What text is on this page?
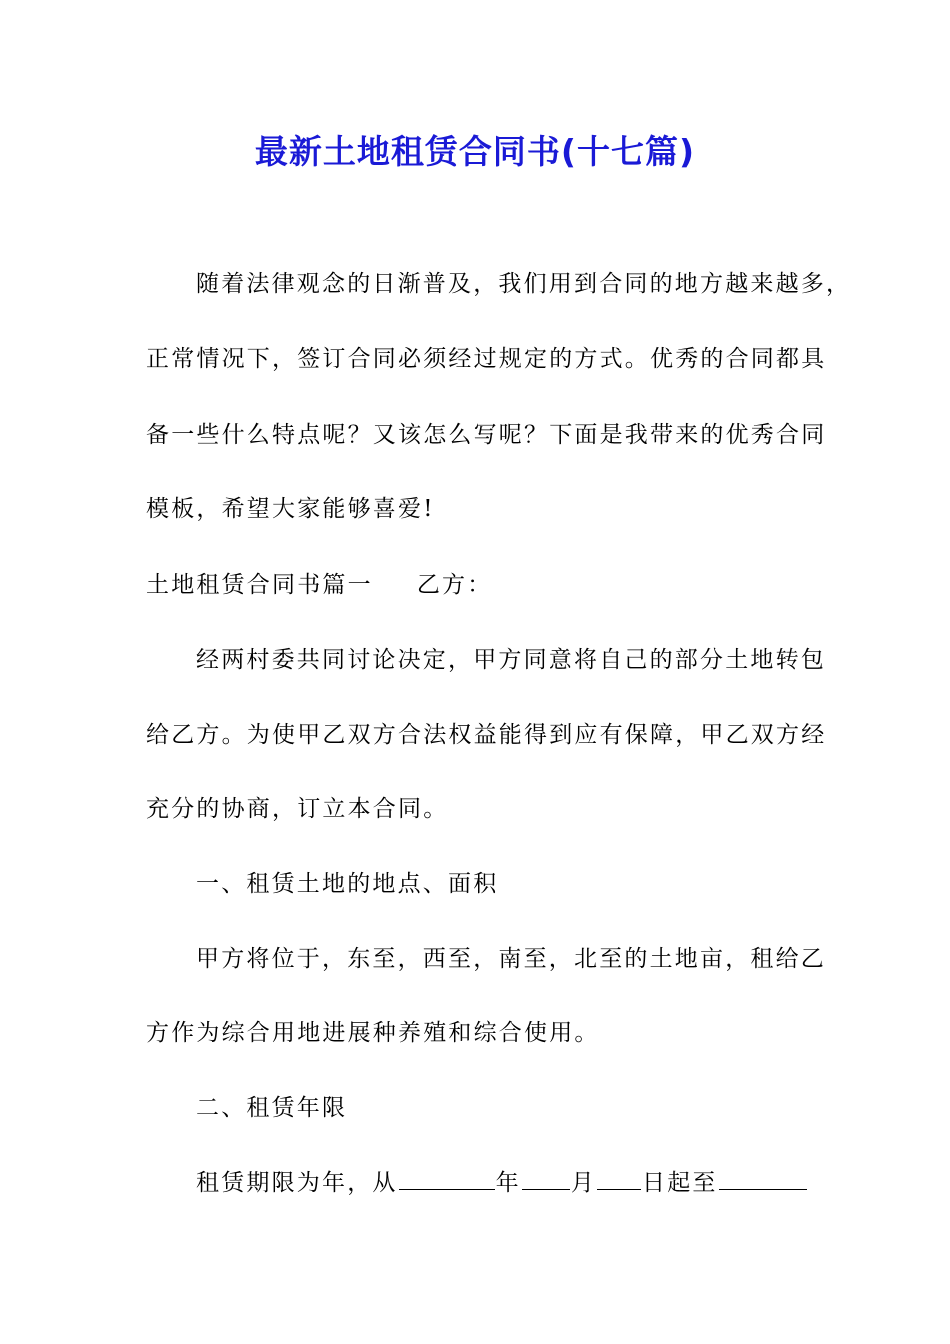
最新土地租赁合同书(十七篇)
随着法律观念的日渐普及，我们用到合同的地方越来越多，
正常情况下，签订合同必须经过规定的方式。优秀的合同都具
备一些什么特点呢？又该怎么写呢？下面是我带来的优秀合同
模板，希望大家能够喜爱!
土地租赁合同书篇一 乙方：
经两村委共同讨论决定，甲方同意将自己的部分土地转包
给乙方。为使甲乙双方合法权益能得到应有保障，甲乙双方经
充分的协商，订立本合同。
一、租赁土地的地点、面积
甲方将位于，东至，西至，南至，北至的土地亩，租给乙
方作为综合用地进展种养殖和综合使用。
二、租赁年限
租赁期限为年，从	年 月 日起至
